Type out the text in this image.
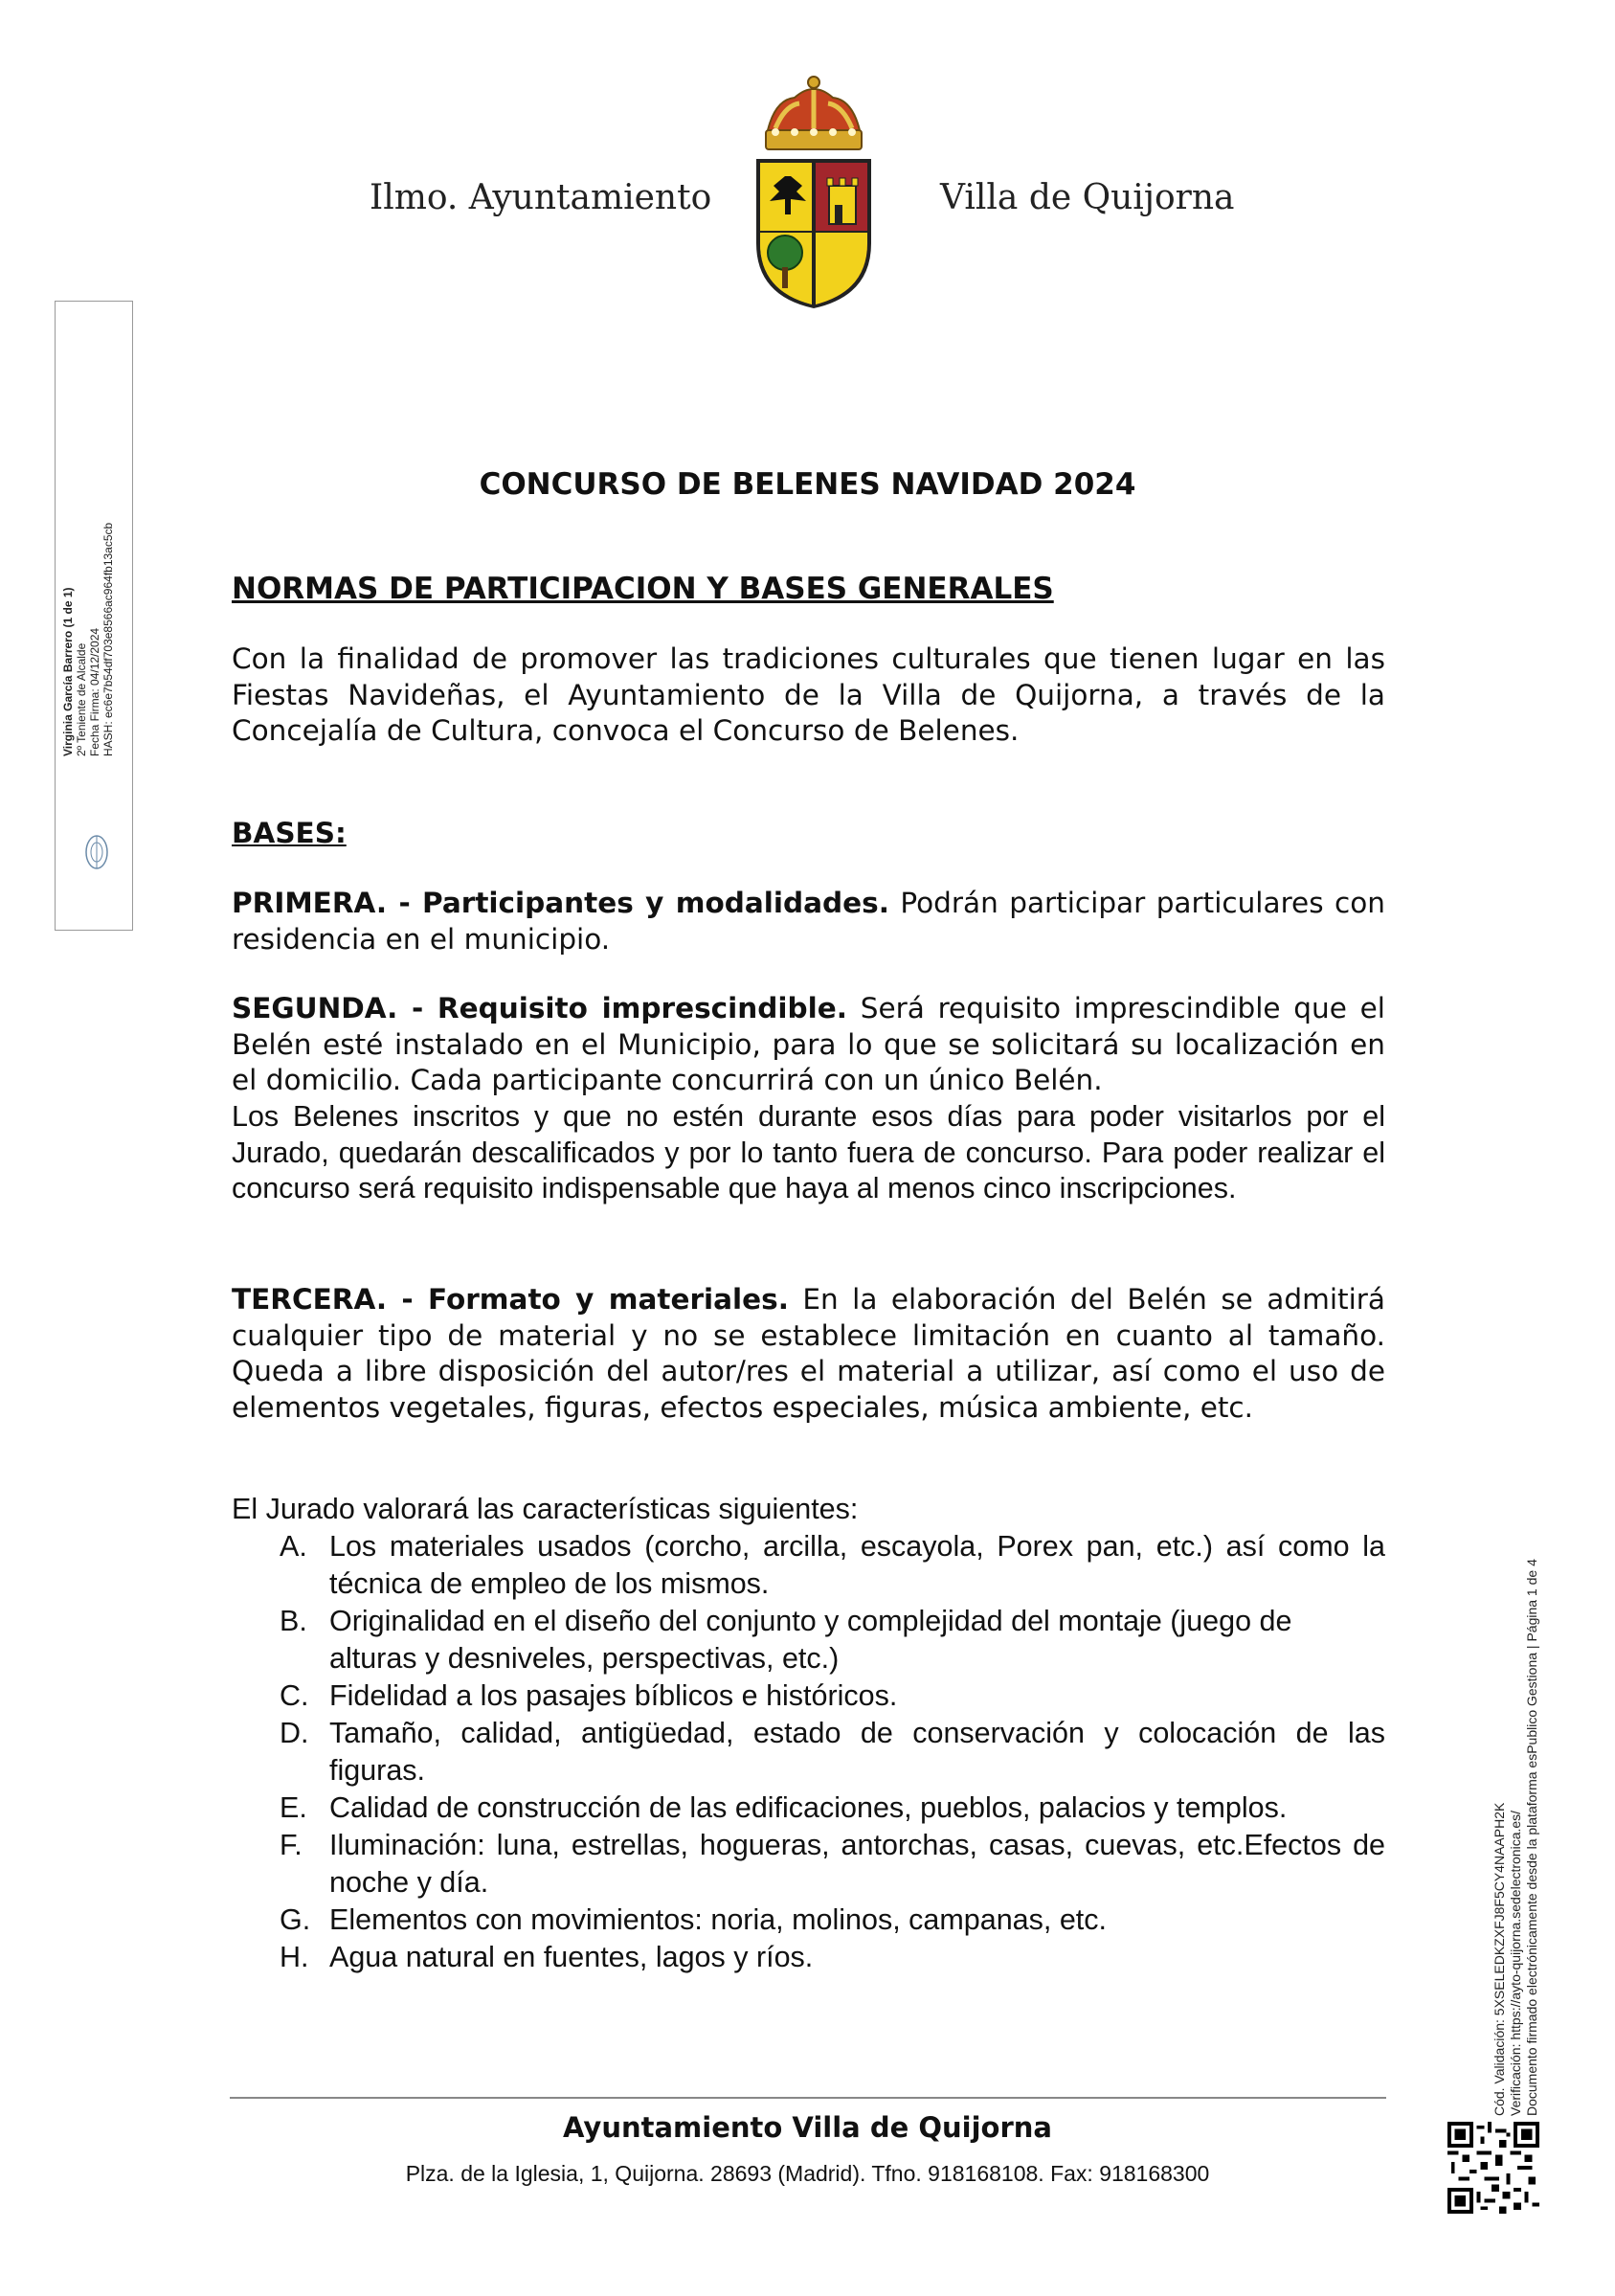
Ilmo. Ayuntamiento	Villa de Quijorna
Virginia García Barrero (1 de 1) 2º Teniente de Alcalde Fecha Firma: 04/12/2024 HASH: ec6e7b54df703e8566ac964fb13ac5cb
CONCURSO DE BELENES NAVIDAD 2024
NORMAS DE PARTICIPACION Y BASES GENERALES

Con la finalidad de promover las tradiciones culturales que tienen lugar en las Fiestas Navideñas, el Ayuntamiento de la Villa de Quijorna, a través de la Concejalía de Cultura, convoca el Concurso de Belenes.

BASES:

PRIMERA. - Participantes y modalidades. Podrán participar particulares con residencia en el municipio.

SEGUNDA. - Requisito imprescindible. Será requisito imprescindible que el Belén esté instalado en el Municipio, para lo que se solicitará su localización en el domicilio. Cada participante concurrirá con un único Belén.

Los Belenes inscritos y que no estén durante esos días para poder visitarlos por el Jurado, quedarán descalificados y por lo tanto fuera de concurso. Para poder realizar el concurso será requisito indispensable que haya al menos cinco inscripciones.

TERCERA. - Formato y materiales. En la elaboración del Belén se admitirá cualquier tipo de material y no se establece limitación en cuanto al tamaño. Queda a libre disposición del autor/res el material a utilizar, así como el uso de elementos vegetales, figuras, efectos especiales, música ambiente, etc.

El Jurado valorará las características siguientes:
A. Los materiales usados (corcho, arcilla, escayola, Porex pan, etc.) así como la técnica de empleo de los mismos.
B. Originalidad en el diseño del conjunto y complejidad del montaje (juego de
alturas y desniveles, perspectivas, etc.)
C. Fidelidad a los pasajes bíblicos e históricos.
D. Tamaño, calidad, antigüedad, estado de conservación y colocación de las figuras.
E. Calidad de construcción de las edificaciones, pueblos, palacios y templos.
F. Iluminación: luna, estrellas, hogueras, antorchas, casas, cuevas, etc.Efectos de noche y día.
G. Elementos con movimientos: noria, molinos, campanas, etc.
H. Agua natural en fuentes, lagos y ríos.
Ayuntamiento Villa de Quijorna
Plza. de la Iglesia, 1, Quijorna. 28693 (Madrid). Tfno. 918168108. Fax: 918168300
Cód. Validación: 5XSELEDKZXFJ8F5CY4NAAPH2K Verificación: https://ayto-quijorna.sedelectronica.es/ Documento firmado electrónicamente desde la plataforma esPublico Gestiona | Página 1 de 4
